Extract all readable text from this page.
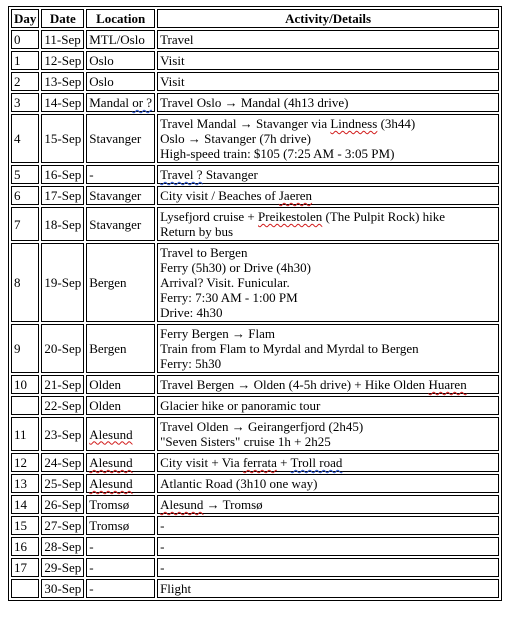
Day	Date	Location	Activity/Details
0	11-Sep	MTL/Oslo	Travel

1	12-Sep	Oslo	Visit

2	13-Sep	Oslo	Visit

3	14-Sep	Mandal or ?	Travel Oslo → Mandal (4h13 drive)

4	15-Sep	Stavanger	Travel Mandal → Stavanger via Lindness (3h44)
Oslo → Stavanger (7h drive)
High-speed train: $105 (7:25 AM - 3:05 PM)

5	16-Sep	-	Travel ? Stavanger

6	17-Sep	Stavanger	City visit / Beaches of Jaeren

7	18-Sep	Stavanger	Lysefjord cruise + Preikestolen (The Pulpit Rock) hike
Return by bus

8	19-Sep	Bergen	Travel to Bergen
Ferry (5h30) or Drive (4h30)
Arrival? Visit. Funicular.
Ferry: 7:30 AM - 1:00 PM
Drive: 4h30

9	20-Sep	Bergen	Ferry Bergen → Flam
Train from Flam to Myrdal and Myrdal to Bergen
Ferry: 5h30

10	21-Sep	Olden	Travel Bergen → Olden (4-5h drive) + Hike Olden Huaren

	22-Sep	Olden	Glacier hike or panoramic tour

11	23-Sep	Alesund	Travel Olden → Geirangerfjord (2h45)
"Seven Sisters" cruise 1h + 2h25

12	24-Sep	Alesund	City visit + Via ferrata + Troll road

13	25-Sep	Alesund	Atlantic Road (3h10 one way)

14	26-Sep	Tromsø	Alesund → Tromsø

15	27-Sep	Tromsø	-

16	28-Sep	-	-

17	29-Sep	-	-

	30-Sep	-	Flight
